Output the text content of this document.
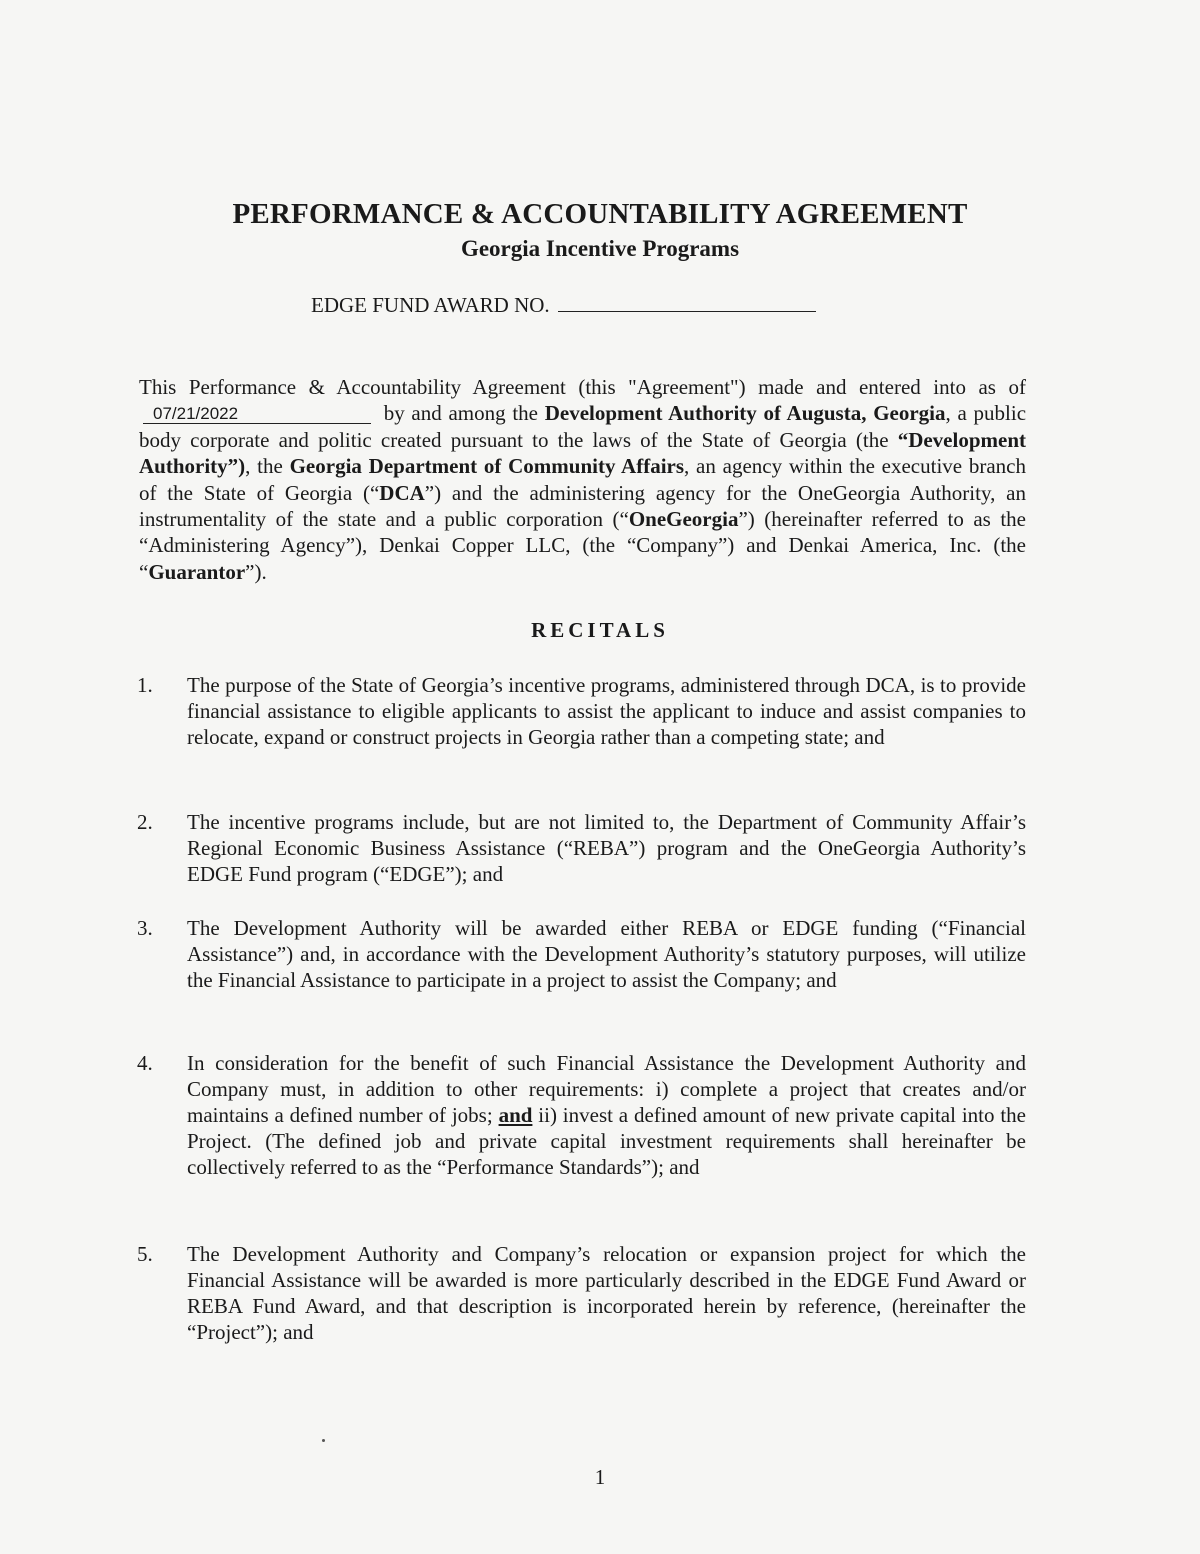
PERFORMANCE & ACCOUNTABILITY AGREEMENT
Georgia Incentive Programs
EDGE FUND AWARD NO.
This Performance & Accountability Agreement (this "Agreement") made and entered into as of 07/21/2022	by and among the Development Authority of Augusta, Georgia, a public body corporate and politic created pursuant to the laws of the State of Georgia (the “Development Authority”), the Georgia Department of Community Affairs, an agency within the executive branch of the State of Georgia (“DCA”) and the administering agency for the OneGeorgia Authority, an instrumentality of the state and a public corporation (“OneGeorgia”) (hereinafter referred to as the “Administering Agency”), Denkai Copper LLC, (the “Company”) and Denkai America, Inc. (the “Guarantor”).
RECITALS
1. The purpose of the State of Georgia’s incentive programs, administered through DCA, is to provide financial assistance to eligible applicants to assist the applicant to induce and assist companies to relocate, expand or construct projects in Georgia rather than a competing state; and
2. The incentive programs include, but are not limited to, the Department of Community Affair’s Regional Economic Business Assistance (“REBA”) program and the OneGeorgia Authority’s EDGE Fund program (“EDGE”); and
3. The Development Authority will be awarded either REBA or EDGE funding (“Financial Assistance”) and, in accordance with the Development Authority’s statutory purposes, will utilize the Financial Assistance to participate in a project to assist the Company; and
4. In consideration for the benefit of such Financial Assistance the Development Authority and Company must, in addition to other requirements: i) complete a project that creates and/or maintains a defined number of jobs; and ii) invest a defined amount of new private capital into the Project. (The defined job and private capital investment requirements shall hereinafter be collectively referred to as the “Performance Standards”); and
5. The Development Authority and Company’s relocation or expansion project for which the Financial Assistance will be awarded is more particularly described in the EDGE Fund Award or REBA Fund Award, and that description is incorporated herein by reference, (hereinafter the “Project”); and
1
